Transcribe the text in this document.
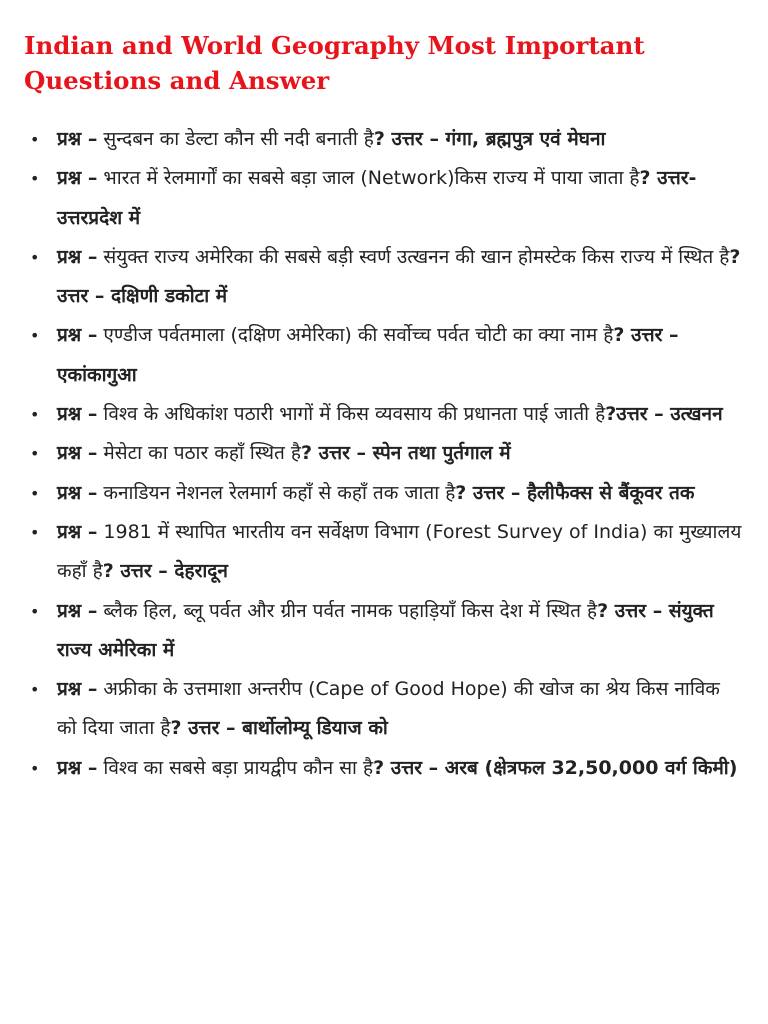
Indian and World Geography Most Important
Questions and Answer
• प्रश्न – सुन्दबन का डेल्टा कौन सी नदी बनाती है? उत्तर – गंगा, ब्रह्मपुत्र एवं मेघना
• प्रश्न – भारत में रेलमार्गों का सबसे बड़ा जाल (Network)किस राज्य में पाया जाता है? उत्तर- उत्तरप्रदेश में
• प्रश्न – संयुक्त राज्य अमेरिका की सबसे बड़ी स्वर्ण उत्खनन की खान होमस्टेक किस राज्य में स्थित है? उत्तर – दक्षिणी डकोटा में
• प्रश्न – एण्डीज पर्वतमाला (दक्षिण अमेरिका) की सर्वोच्च पर्वत चोटी का क्या नाम है? उत्तर – एकांकागुआ
• प्रश्न – विश्व के अधिकांश पठारी भागों में किस व्यवसाय की प्रधानता पाई जाती है?उत्तर – उत्खनन
• प्रश्न – मेसेटा का पठार कहाँ स्थित है? उत्तर – स्पेन तथा पुर्तगाल में
• प्रश्न – कनाडियन नेशनल रेलमार्ग कहाँ से कहाँ तक जाता है? उत्तर – हैलीफैक्स से बैंकूवर तक
• प्रश्न – 1981 में स्थापित भारतीय वन सर्वेक्षण विभाग (Forest Survey of India) का मुख्यालय कहाँ है? उत्तर – देहरादून
• प्रश्न – ब्लैक हिल, ब्लू पर्वत और ग्रीन पर्वत नामक पहाड़ियाँ किस देश में स्थित है? उत्तर – संयुक्त राज्य अमेरिका में
• प्रश्न – अफ्रीका के उत्तमाशा अन्तरीप (Cape of Good Hope) की खोज का श्रेय किस नाविक को दिया जाता है? उत्तर – बार्थोलोम्यू डियाज को
• प्रश्न – विश्व का सबसे बड़ा प्रायद्वीप कौन सा है? उत्तर – अरब (क्षेत्रफल 32,50,000 वर्ग किमी)
